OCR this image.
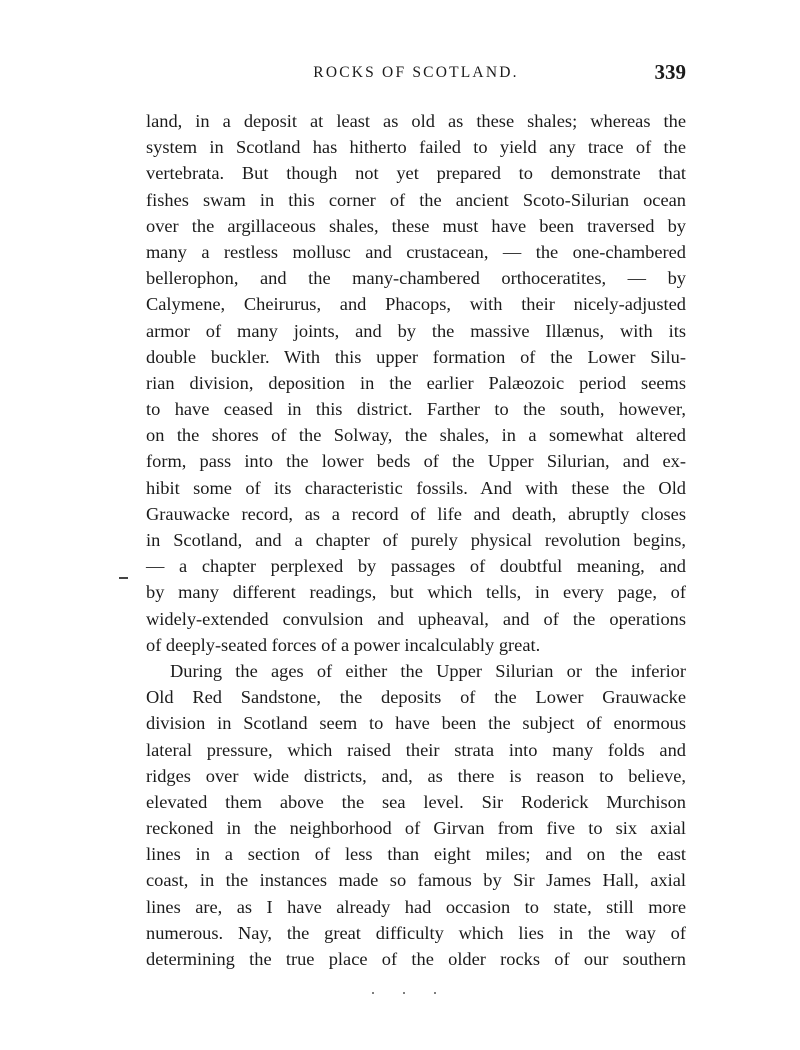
ROCKS OF SCOTLAND.	339
land, in a deposit at least as old as these shales; whereas the
system in Scotland has hitherto failed to yield any trace of the
vertebrata. But though not yet prepared to demonstrate that
fishes swam in this corner of the ancient Scoto-Silurian ocean
over the argillaceous shales, these must have been traversed by
many a restless mollusc and crustacean, — the one-chambered
bellerophon, and the many-chambered orthoceratites, — by
Calymene, Cheirurus, and Phacops, with their nicely-adjusted
armor of many joints, and by the massive Illænus, with its
double buckler. With this upper formation of the Lower Silu-
rian division, deposition in the earlier Palæozoic period seems
to have ceased in this district. Farther to the south, however,
on the shores of the Solway, the shales, in a somewhat altered
form, pass into the lower beds of the Upper Silurian, and ex-
hibit some of its characteristic fossils. And with these the Old
Grauwacke record, as a record of life and death, abruptly closes
in Scotland, and a chapter of purely physical revolution begins,
— a chapter perplexed by passages of doubtful meaning, and
by many different readings, but which tells, in every page, of
widely-extended convulsion and upheaval, and of the operations
of deeply-seated forces of a power incalculably great.
During the ages of either the Upper Silurian or the inferior
Old Red Sandstone, the deposits of the Lower Grauwacke
division in Scotland seem to have been the subject of enormous
lateral pressure, which raised their strata into many folds and
ridges over wide districts, and, as there is reason to believe,
elevated them above the sea level. Sir Roderick Murchison
reckoned in the neighborhood of Girvan from five to six axial
lines in a section of less than eight miles; and on the east
coast, in the instances made so famous by Sir James Hall, axial
lines are, as I have already had occasion to state, still more
numerous. Nay, the great difficulty which lies in the way of
determining the true place of the older rocks of our southern
